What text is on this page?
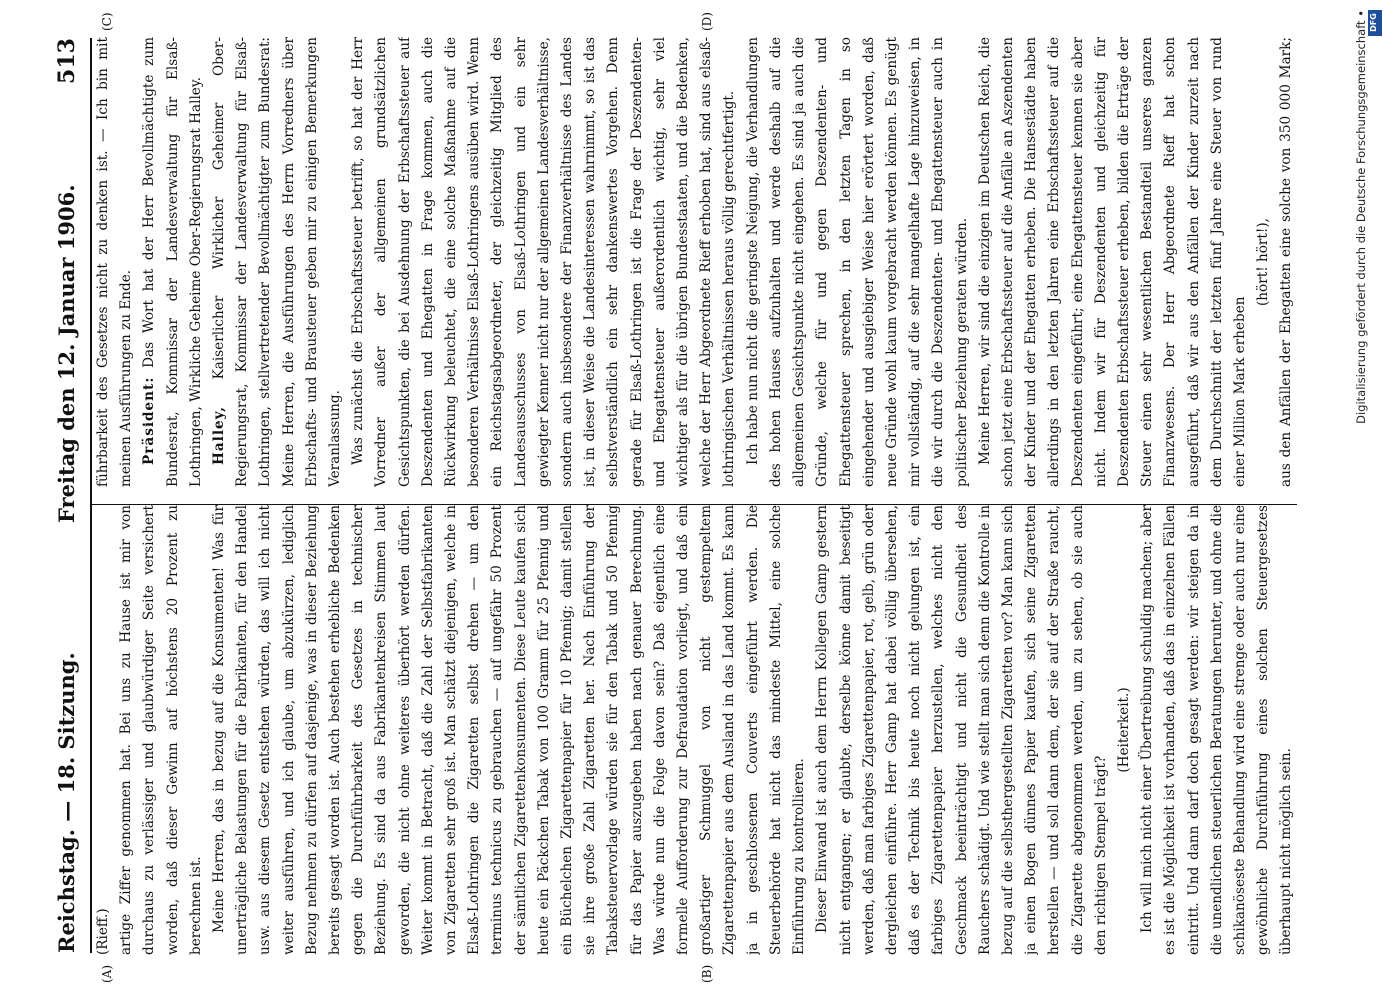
Reichstag. — 18. Sitzung.
Freitag den 12. Januar 1906.
513
(A)	(B)
(C)	(D)

(Rieff.) artige Ziffer genommen hat. Bei uns zu Hause ist mir von durchaus zu verlässiger und glaubwürdiger Seite versichert worden, daß dieser Gewinn auf höchstens 20 Prozent zu berechnen ist. Meine Herren, das in bezug auf die Konsumenten! Was für unerträgliche Belastungen für die Fabrikanten, für den Handel usw. aus diesem Gesetz entstehen würden, das will ich nicht weiter ausführen, und ich glaube, um abzukürzen, lediglich Bezug nehmen zu dürfen auf dasjenige, was in dieser Beziehung bereits gesagt worden ist. Auch bestehen erhebliche Bedenken gegen die Durchführbarkeit des Gesetzes in technischer Beziehung. Es sind da aus Fabrikantenkreisen Stimmen laut geworden, die nicht ohne weiteres überhört werden dürfen. Weiter kommt in Betracht, daß die Zahl der Selbstfabrikanten von Zigaretten sehr groß ist. Man schätzt diejenigen, welche in Elsaß-Lothringen die Zigaretten selbst drehen — um den terminus technicus zu gebrauchen — auf ungefähr 50 Prozent der sämtlichen Zigarettenkonsumenten. Diese Leute kaufen sich heute ein Päckchen Tabak von 100 Gramm für 25 Pfennig und ein Büchelchen Zigarettenpapier für 10 Pfennig; damit stellen sie ihre große Zahl Zigaretten her. Nach Einführung der Tabaksteuervorlage würden sie für den Tabak und 50 Pfennig für das Papier auszugeben haben nach genauer Berechnung. Was würde nun die Folge davon sein? Daß eigentlich eine formelle Aufforderung zur Defraudation vorliegt, und daß ein großartiger Schmuggel von nicht gestempeltem Zigarettenpapier aus dem Ausland in das Land kommt. Es kann ja in geschlossenen Couverts eingeführt werden. Die Steuerbehörde hat nicht das mindeste Mittel, eine solche Einführung zu kontrollieren. Dieser Einwand ist auch dem Herrn Kollegen Gamp gestern nicht entgangen; er glaubte, derselbe könne damit beseitigt werden, daß man farbiges Zigarettenpapier, rot, gelb, grün oder dergleichen einführe. Herr Gamp hat dabei völlig übersehen, daß es der Technik bis heute noch nicht gelungen ist, ein farbiges Zigarettenpapier herzustellen, welches nicht den Geschmack beeinträchtigt und nicht die Gesundheit des Rauchers schädigt. Und wie stellt man sich denn die Kontrolle in bezug auf die selbsthergestellten Zigaretten vor? Man kann sich ja einen Bogen dünnes Papier kaufen, sich seine Zigaretten herstellen — und soll dann dem, der sie auf der Straße raucht, die Zigarette abgenommen werden, um zu sehen, ob sie auch den richtigen Stempel trägt?

(Heiterkeit.) Ich will mich nicht einer Übertreibung schuldig machen; aber es ist die Möglichkeit ist vorhanden, daß das in einzelnen Fällen eintritt. Und dann darf doch gesagt werden: wir steigen da in die unendlichen steuerlichen Beratungen herunter, und ohne die schikanöseste Behandlung wird eine strenge oder auch nur eine gewöhnliche Durchführung eines solchen Steuergesetzes überhaupt nicht möglich sein.

führbarkeit des Gesetzes nicht zu denken ist. — Ich bin mit meinen Ausführungen zu Ende. Präsident: Das Wort hat der Herr Bevollmächtigte zum Bundesrat, Kommissar der Landesverwaltung für Elsaß-Lothringen, Wirkliche Geheime Ober-Regierungsrat Halley. Halley, Kaiserlicher Wirklicher Geheimer Ober-Regierungsrat, Kommissar der Landesverwaltung für Elsaß-Lothringen, stellvertretender Bevollmächtigter zum Bundesrat: Meine Herren, die Ausführungen des Herrn Vorredners über Erbschafts- und Brausteuer geben mir zu einigen Bemerkungen Veranlassung. Was zunächst die Erbschaftssteuer betrifft, so hat der Herr Vorredner außer der allgemeinen grundsätzlichen Gesichtspunkten, die bei Ausdehnung der Erbschaftssteuer auf Deszendenten und Ehegatten in Frage kommen, auch die Rückwirkung beleuchtet, die eine solche Maßnahme auf die besonderen Verhältnisse Elsaß-Lothringens ausüben wird. Wenn ein Reichstagsabgeordneter, der gleichzeitig Mitglied des Landesausschusses von Elsaß-Lothringen und ein sehr gewiegter Kenner nicht nur der allgemeinen Landesverhältnisse, sondern auch insbesondere der Finanzverhältnisse des Landes ist, in dieser Weise die Landesinteressen wahrnimmt, so ist das selbstverständlich ein sehr dankenswertes Vorgehen. Denn gerade für Elsaß-Lothringen ist die Frage der Deszendenten- und Ehegattensteuer außerordentlich wichtig, sehr viel wichtiger als für die übrigen Bundesstaaten, und die Bedenken, welche der Herr Abgeordnete Rieff erhoben hat, sind aus elsaß-lothringischen Verhältnissen heraus völlig gerechtfertigt. Ich habe nun nicht die geringste Neigung, die Verhandlungen des hohen Hauses aufzuhalten und werde deshalb auf die allgemeinen Gesichtspunkte nicht eingehen. Es sind ja auch die Gründe, welche für und gegen Deszendenten- und Ehegattensteuer sprechen, in den letzten Tagen in so eingehender und ausgiebiger Weise hier erörtert worden, daß neue Gründe wohl kaum vorgebracht werden können. Es genügt mir vollständig, auf die sehr mangelhafte Lage hinzuweisen, in die wir durch die Deszendenten- und Ehegattensteuer auch in politischer Beziehung geraten würden. Meine Herren, wir sind die einzigen im Deutschen Reich, die schon jetzt eine Erbschaftssteuer auf die Anfälle an Aszendenten der Kinder und der Ehegatten erheben. Die Hansestädte haben allerdings in den letzten Jahren eine Erbschaftssteuer auf die Deszendenten eingeführt; eine Ehegattensteuer kennen sie aber nicht. Indem wir für Deszendenten und gleichzeitig für Deszendenten Erbschaftssteuer erheben, bilden die Erträge der Steuer einen sehr wesentlichen Bestandteil unseres ganzen Finanzwesens. Der Herr Abgeordnete Rieff hat schon ausgeführt, daß wir aus den Anfällen der Kinder zurzeit nach dem Durchschnitt der letzten fünf Jahre eine Steuer von rund einer Million Mark erheben

(hört! hört!),

aus den Anfällen der Ehegatten eine solche von 350 000 Mark;	Digitalisierung gefördert durch die Deutsche Forschungsgemeinschaft • DFG
